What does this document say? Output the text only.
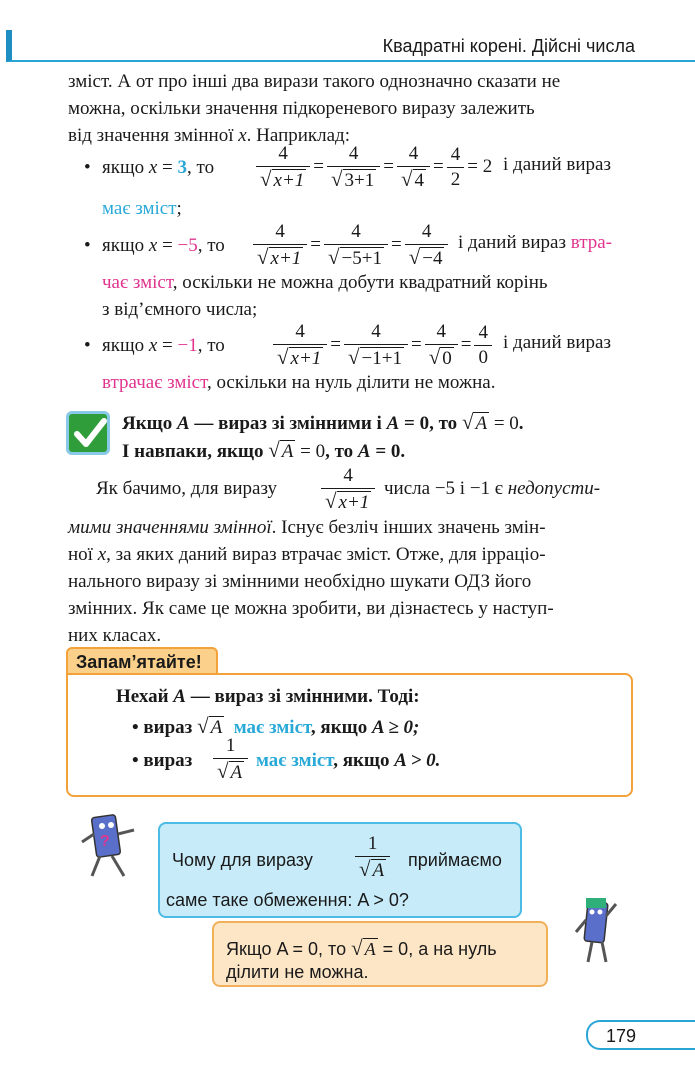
Квадратні корені. Дійсні числа
зміст. А от про інші два вирази такого однозначно сказати не
можна, оскільки значення підкореневого виразу залежить
від значення змінної x. Наприклад:
• якщо x = 3, то	$\frac{4}{√ x+1} = \frac{4}{√ 3+1} = \frac{4}{√ 4} = \frac{4}{2} = 2$ і даний вираз
має зміст;
• якщо x = −5, то	$\frac{4}{√ x+1} = \frac{4}{√ -5+1} = \frac{4}{√ -4}$ і даний вираз втра-
чає зміст, оскільки не можна добути квадратний корінь
з від’ємного числа;
• якщо x = −1, то	$\frac{4}{√ x+1} = \frac{4}{√ -1+1} = \frac{4}{√ 0} = \frac{4}{0}$ і даний вираз
втрачає зміст, оскільки на нуль ділити не можна.
Якщо A — вираз зі змінними і A = 0, то √ A = 0.
І навпаки, якщо √ A = 0, то A = 0.
Як бачимо, для виразу $\frac{4}{√ x+1}$ числа −5 і −1 є недопусти-
мими значеннями змінної. Існує безліч інших значень змін-
ної x, за яких даний вираз втрачає зміст. Отже, для ірраціо-
нального виразу зі змінними необхідно шукати ОДЗ його
змінних. Як саме це можна зробити, ви дізнаєтесь у наступ-
них класах.
Запам’ятайте!
Нехай A — вираз зі змінними. Тоді:
• вираз √ A має зміст, якщо A ≥ 0;
• вираз $\frac{1}{√ A}$ має зміст, якщо A > 0.
?
Чому для виразу $\frac{1}{√ A}$ приймаємо
саме таке обмеження: A > 0?
Якщо A = 0, то √ A = 0, а на нуль
ділити не можна.
179
